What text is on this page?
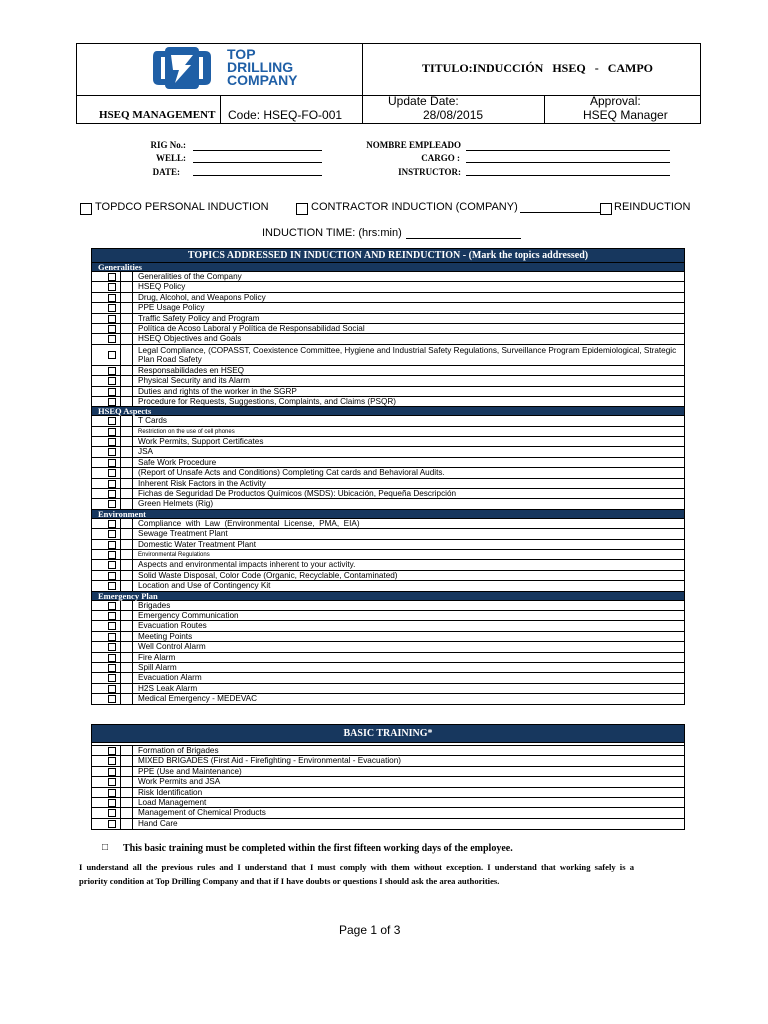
TOP
DRILLING
COMPANY
TITULO:INDUCCIÓN   HSEQ   -   CAMPO
HSEQ MANAGEMENT Code: HSEQ-FO-001
Update Date:
28/08/2015
Approval:
HSEQ Manager
RIG No.:
WELL:
DATE:
NOMBRE EMPLEADO
CARGO :
INSTRUCTOR:
TOPDCO PERSONAL INDUCTION	CONTRACTOR INDUCTION (COMPANY)	REINDUCTION
INDUCTION TIME: (hrs:min)
TOPICS ADDRESSED IN INDUCTION AND REINDUCTION - (Mark the topics addressed)
Generalities
Generalities of the Company
HSEQ Policy
Drug, Alcohol, and Weapons Policy
PPE Usage Policy
Traffic Safety Policy and Program
Política de Acoso Laboral y Política de Responsabilidad Social
HSEQ Objectives and Goals
Legal Compliance, (COPASST, Coexistence Committee, Hygiene and Industrial Safety Regulations, Surveillance Program Epidemiological, Strategic Plan Road Safety
Responsabilidades en HSEQ
Physical Security and its Alarm
Duties and rights of the worker in the SGRP
Procedure for Requests, Suggestions, Complaints, and Claims (PSQR)
HSEQ Aspects
T Cards
Restriction on the use of cell phones
Work Permits, Support Certificates
JSA
Safe Work Procedure
(Report of Unsafe Acts and Conditions) Completing Cat cards and Behavioral Audits.
Inherent Risk Factors in the Activity
Fichas de Seguridad De Productos Químicos (MSDS): Ubicación, Pequeña Descripción
Green Helmets (Rig)
Environment
Compliance  with  Law  (Environmental  License,  PMA,  EIA)
Sewage Treatment Plant
Domestic Water Treatment Plant
Environmental Regulations
Aspects and environmental impacts inherent to your activity.
Solid Waste Disposal, Color Code (Organic, Recyclable, Contaminated)
Location and Use of Contingency Kit
Emergency Plan
Brigades
Emergency Communication
Evacuation Routes
Meeting Points
Well Control Alarm
Fire Alarm
Spill Alarm
Evacuation Alarm
H2S Leak Alarm
Medical Emergency - MEDEVAC
BASIC TRAINING*
Formation of Brigades
MIXED BRIGADES (First Aid - Firefighting - Environmental - Evacuation)
PPE (Use and Maintenance)
Work Permits and JSA
Risk Identification
Load Management
Management of Chemical Products
Hand Care
□ This basic training must be completed within the first fifteen working days of the employee.
I understand all the previous rules and I understand that I must comply with them without exception. I understand that working safely is a
priority condition at Top Drilling Company and that if I have doubts or questions I should ask the area authorities.
Page 1 of 3
